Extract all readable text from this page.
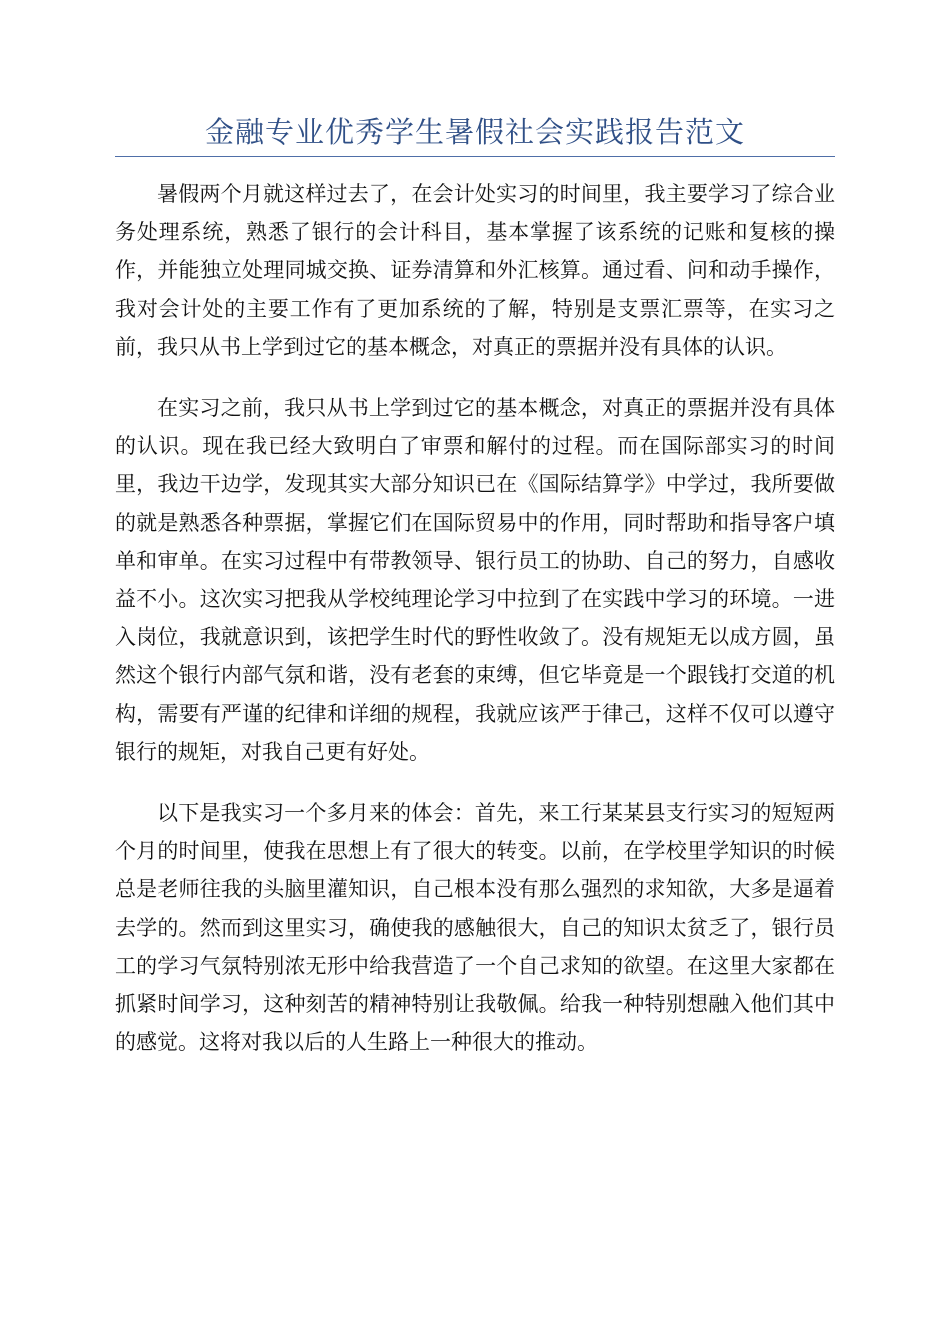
金融专业优秀学生暑假社会实践报告范文

暑假两个月就这样过去了，在会计处实习的时间里，我主要学习了综合业务处理系统，熟悉了银行的会计科目，基本掌握了该系统的记账和复核的操作，并能独立处理同城交换、证券清算和外汇核算。通过看、问和动手操作，我对会计处的主要工作有了更加系统的了解，特别是支票汇票等，在实习之前，我只从书上学到过它的基本概念，对真正的票据并没有具体的认识。

在实习之前，我只从书上学到过它的基本概念，对真正的票据并没有具体的认识。现在我已经大致明白了审票和解付的过程。而在国际部实习的时间里，我边干边学，发现其实大部分知识已在《国际结算学》中学过，我所要做的就是熟悉各种票据，掌握它们在国际贸易中的作用，同时帮助和指导客户填单和审单。在实习过程中有带教领导、银行员工的协助、自己的努力，自感收益不小。这次实习把我从学校纯理论学习中拉到了在实践中学习的环境。一进入岗位，我就意识到，该把学生时代的野性收敛了。没有规矩无以成方圆，虽然这个银行内部气氛和谐，没有老套的束缚，但它毕竟是一个跟钱打交道的机构，需要有严谨的纪律和详细的规程，我就应该严于律己，这样不仅可以遵守银行的规矩，对我自己更有好处。

以下是我实习一个多月来的体会：首先，来工行某某县支行实习的短短两个月的时间里，使我在思想上有了很大的转变。以前，在学校里学知识的时候总是老师往我的头脑里灌知识，自己根本没有那么强烈的求知欲，大多是逼着去学的。然而到这里实习，确使我的感触很大，自己的知识太贫乏了，银行员工的学习气氛特别浓无形中给我营造了一个自己求知的欲望。在这里大家都在抓紧时间学习，这种刻苦的精神特别让我敬佩。给我一种特别想融入他们其中的感觉。这将对我以后的人生路上一种很大的推动。
